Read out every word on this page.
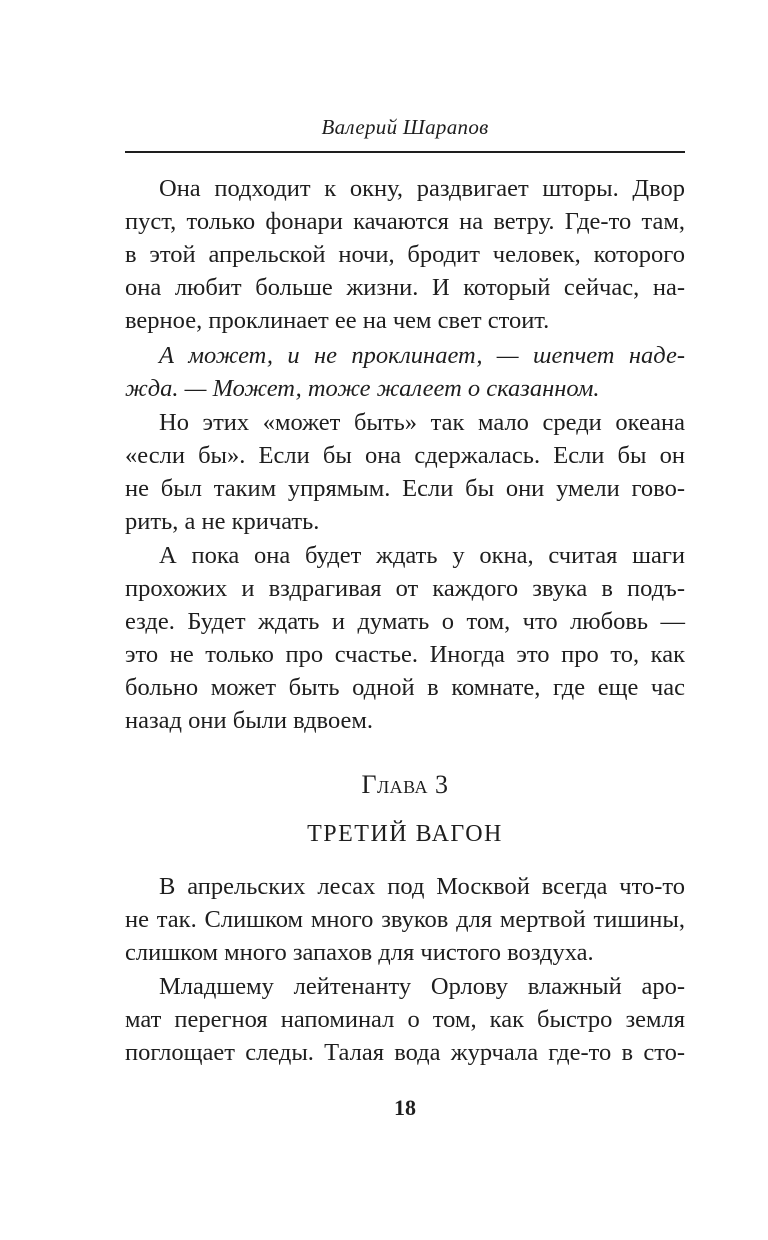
Валерий Шарапов
Она подходит к окну, раздвигает шторы. Двор
пуст, только фонари качаются на ветру. Где-то там,
в этой апрельской ночи, бродит человек, которого
она любит больше жизни. И который сейчас, на-
верное, проклинает ее на чем свет стоит.
А может, и не проклинает, — шепчет наде-
жда. — Может, тоже жалеет о сказанном.
Но этих «может быть» так мало среди океана
«если бы». Если бы она сдержалась. Если бы он
не был таким упрямым. Если бы они умели гово-
рить, а не кричать.
А пока она будет ждать у окна, считая шаги
прохожих и вздрагивая от каждого звука в подъ-
езде. Будет ждать и думать о том, что любовь —
это не только про счастье. Иногда это про то, как
больно может быть одной в комнате, где еще час
назад они были вдвоем.
Глава 3
ТРЕТИЙ ВАГОН
В апрельских лесах под Москвой всегда что-то
не так. Слишком много звуков для мертвой тишины,
слишком много запахов для чистого воздуха.
Младшему лейтенанту Орлову влажный аро-
мат перегноя напоминал о том, как быстро земля
поглощает следы. Талая вода журчала где-то в сто-
18
